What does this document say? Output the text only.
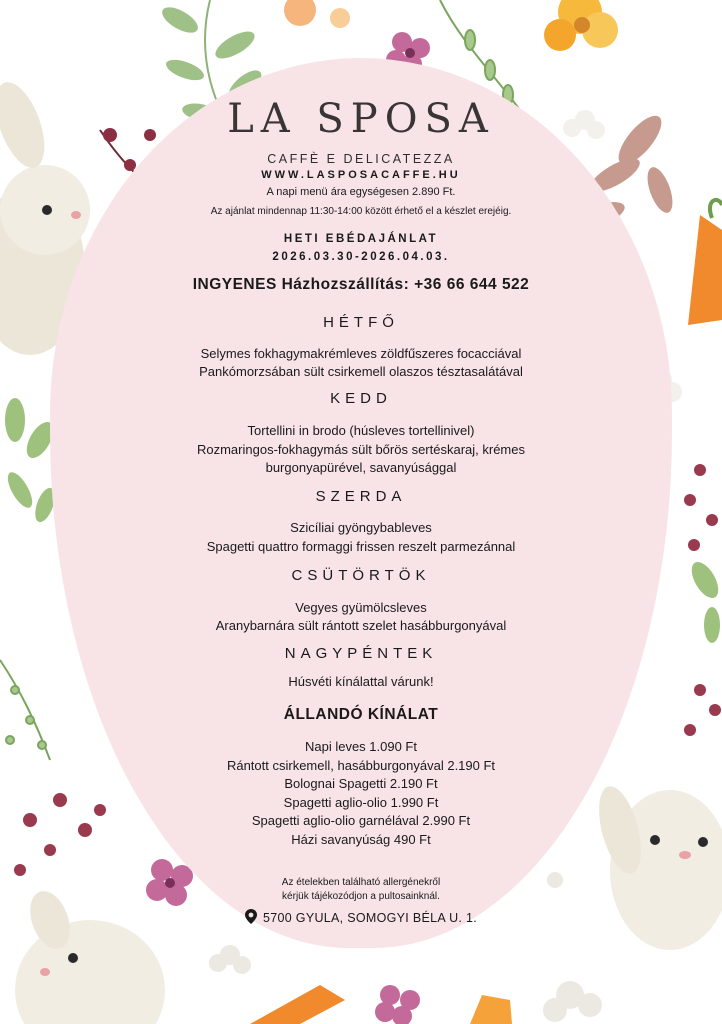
LA SPOSA
CAFFÈ E DELICATEZZA
WWW.LASPOSACAFFE.HU
A napi menü ára egységesen 2.890 Ft.
Az ajánlat mindennap 11:30-14:00 között érhető el a készlet erejéig.
HETI EBÉDAJÁNLAT
2026.03.30-2026.04.03.
INGYENES Házhozszállítás: +36 66 644 522
HÉTFŐ
Selymes fokhagymakrémleves zöldfűszeres focacciával
Pankómorzsában sült csirkemell olaszos tésztasalátával
KEDD
Tortellini in brodo (húsleves tortellinivel)
Rozmaringos-fokhagymás sült bőrös sertéskaraj, krémes
burgonyapürével, savanyúsággal
SZERDA
Szicíliai gyöngybableves
Spagetti quattro formaggi frissen reszelt parmezánnal
CSÜTÖRTÖK
Vegyes gyümölcsleves
Aranybarnára sült rántott szelet hasábburgonyával
NAGYPÉNTEK
Húsvéti kínálattal várunk!
ÁLLANDÓ KÍNÁLAT
Napi leves 1.090 Ft
Rántott csirkemell, hasábburgonyával 2.190 Ft
Bolognai Spagetti 2.190 Ft
Spagetti aglio-olio 1.990 Ft
Spagetti aglio-olio garnélával 2.990 Ft
Házi savanyúság 490 Ft
Az ételekben található allergénekről
kérjük tájékozódjon a pultosainknál.
5700 GYULA, SOMOGYI BÉLA U. 1.
